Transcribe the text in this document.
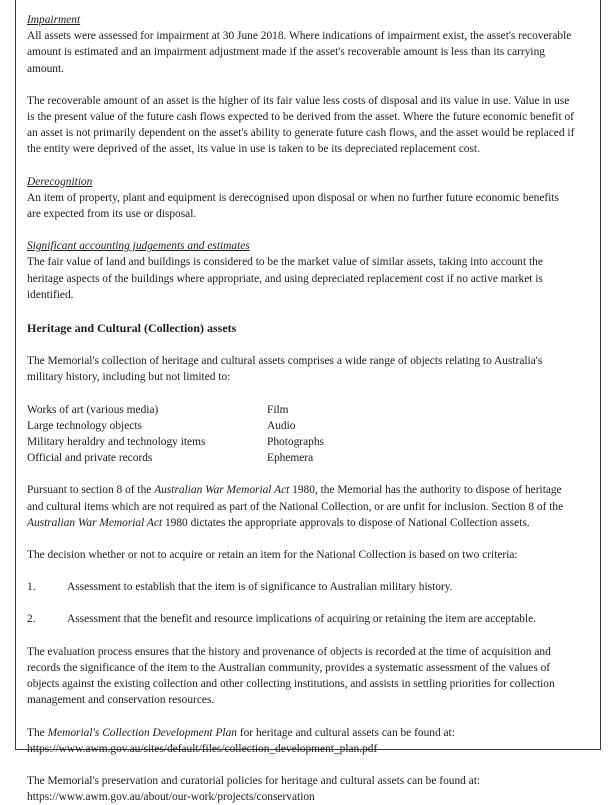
Impairment

All assets were assessed for impairment at 30 June 2018. Where indications of impairment exist, the asset's recoverable amount is estimated and an impairment adjustment made if the asset's recoverable amount is less than its carrying amount.

The recoverable amount of an asset is the higher of its fair value less costs of disposal and its value in use. Value in use is the present value of the future cash flows expected to be derived from the asset. Where the future economic benefit of an asset is not primarily dependent on the asset's ability to generate future cash flows, and the asset would be replaced if the entity were deprived of the asset, its value in use is taken to be its depreciated replacement cost.

Derecognition

An item of property, plant and equipment is derecognised upon disposal or when no further future economic benefits are expected from its use or disposal.

Significant accounting judgements and estimates

The fair value of land and buildings is considered to be the market value of similar assets, taking into account the heritage aspects of the buildings where appropriate, and using depreciated replacement cost if no active market is identified.

Heritage and Cultural (Collection) assets

The Memorial's collection of heritage and cultural assets comprises a wide range of objects relating to Australia's military history, including but not limited to:

Works of art (various media)
Large technology objects
Military heraldry and technology items
Official and private records
Film
Audio
Photographs
Ephemera

Pursuant to section 8 of the Australian War Memorial Act 1980, the Memorial has the authority to dispose of heritage and cultural items which are not required as part of the National Collection, or are unfit for inclusion. Section 8 of the Australian War Memorial Act 1980 dictates the appropriate approvals to dispose of National Collection assets.

The decision whether or not to acquire or retain an item for the National Collection is based on two criteria:

1.	Assessment to establish that the item is of significance to Australian military history.
2.	Assessment that the benefit and resource implications of acquiring or retaining the item are acceptable.

The evaluation process ensures that the history and provenance of objects is recorded at the time of acquisition and records the significance of the item to the Australian community, provides a systematic assessment of the values of objects against the existing collection and other collecting institutions, and assists in settling priorities for collection management and conservation resources.

The Memorial's Collection Development Plan for heritage and cultural assets can be found at:
https://www.awm.gov.au/sites/default/files/collection_development_plan.pdf

The Memorial's preservation and curatorial policies for heritage and cultural assets can be found at:
https://www.awm.gov.au/about/our-work/projects/conservation
